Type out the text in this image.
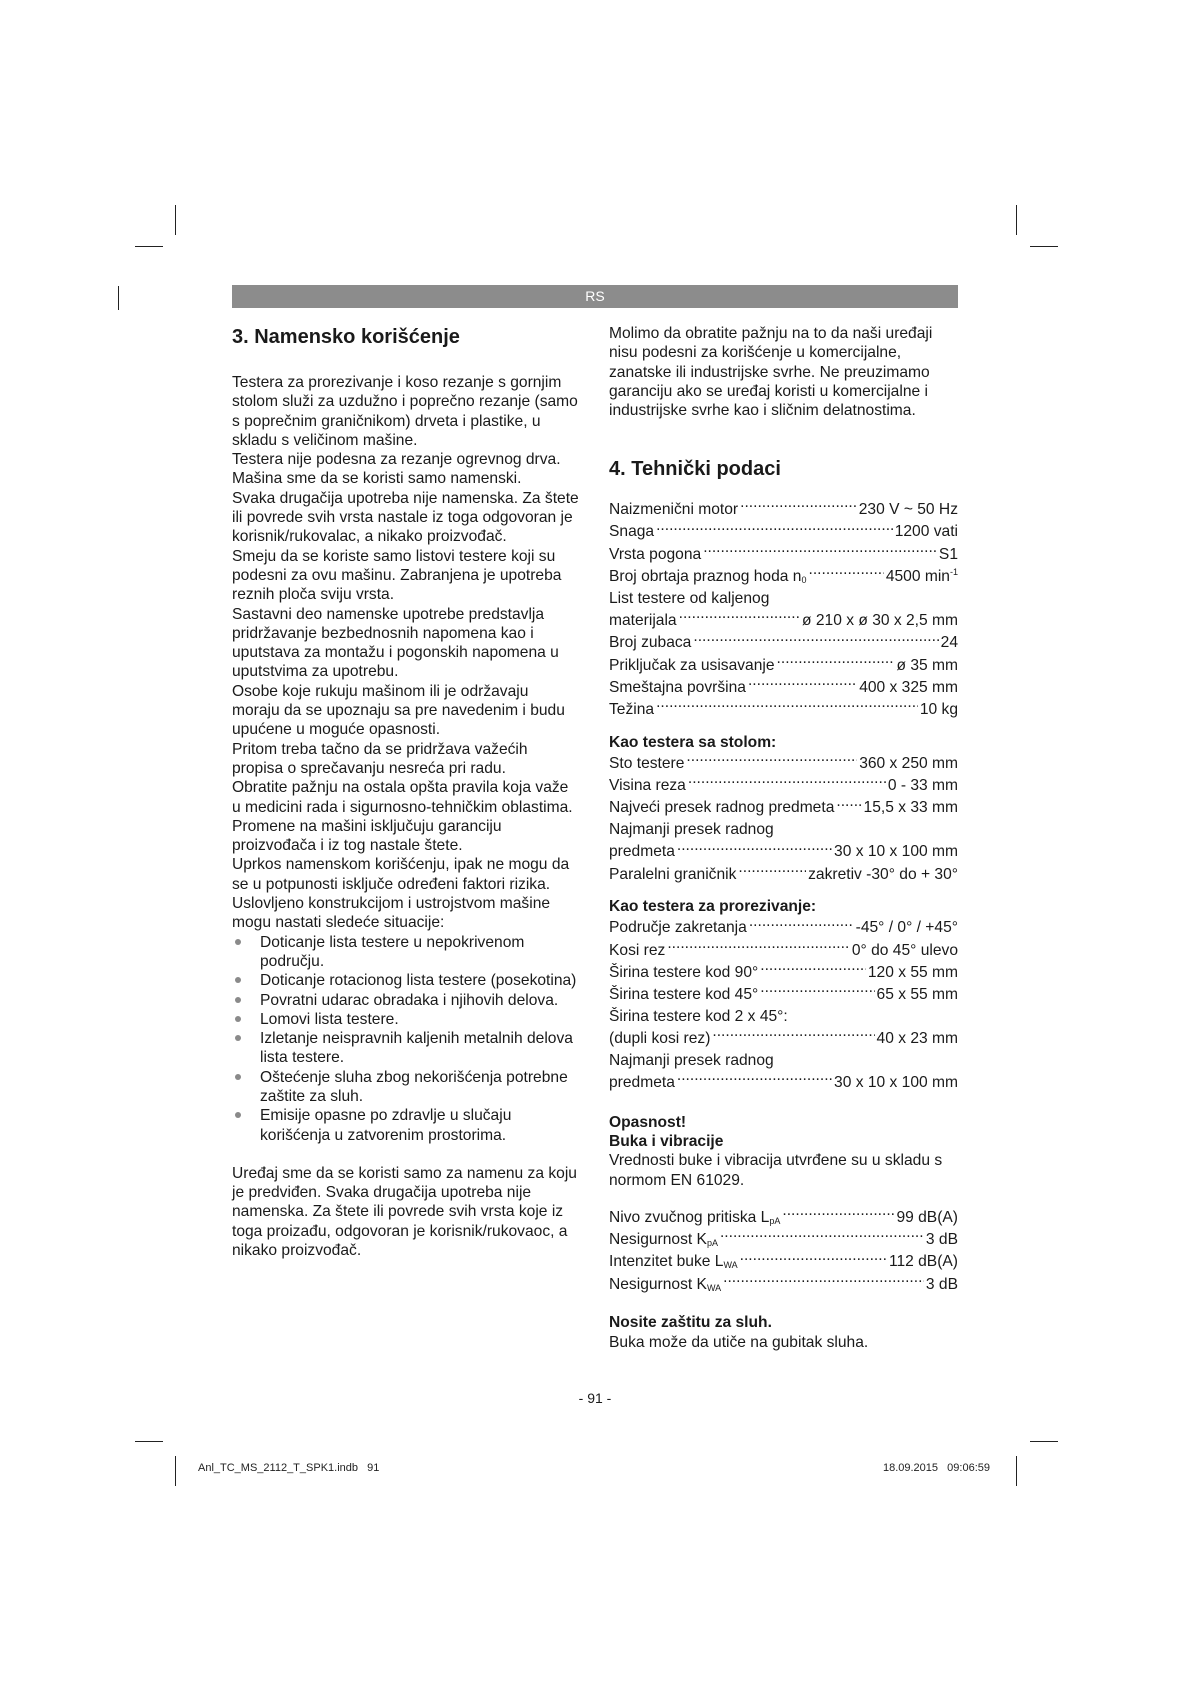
RS
3. Namensko korišćenje

Testera za prorezivanje i koso rezanje s gornjim stolom služi za uzdužno i poprečno rezanje (samo s poprečnim graničnikom) drveta i plastike, u skladu s veličinom mašine.

Testera nije podesna za rezanje ogrevnog drva.

Mašina sme da se koristi samo namenski.

Svaka drugačija upotreba nije namenska. Za štete ili povrede svih vrsta nastale iz toga odgovoran je korisnik/rukovalac, a nikako proizvođač.

Smeju da se koriste samo listovi testere koji su podesni za ovu mašinu. Zabranjena je upotreba reznih ploča sviju vrsta.

Sastavni deo namenske upotrebe predstavlja pridržavanje bezbednosnih napomena kao i uputstava za montažu i pogonskih napomena u uputstvima za upotrebu.

Osobe koje rukuju mašinom ili je održavaju moraju da se upoznaju sa pre navedenim i budu upućene u moguće opasnosti.

Pritom treba tačno da se pridržava važećih propisa o sprečavanju nesreća pri radu.

Obratite pažnju na ostala opšta pravila koja važe u medicini rada i sigurnosno-tehničkim oblastima.

Promene na mašini isključuju garanciju proizvođača i iz tog nastale štete.

Uprkos namenskom korišćenju, ipak ne mogu da se u potpunosti isključe određeni faktori rizika. Uslovljeno konstrukcijom i ustrojstvom mašine mogu nastati sledeće situacije:

Doticanje lista testere u nepokrivenom području.
Doticanje rotacionog lista testere (posekotina)
Povratni udarac obradaka i njihovih delova.
Lomovi lista testere.
Izletanje neispravnih kaljenih metalnih delova lista testere.
Oštećenje sluha zbog nekorišćenja potrebne zaštite za sluh.
Emisije opasne po zdravlje u slučaju korišćenja u zatvorenim prostorima.

Uređaj sme da se koristi samo za namenu za koju je predviđen. Svaka drugačija upotreba nije namenska. Za štete ili povrede svih vrsta koje iz toga proizađu, odgovoran je korisnik/rukovaoc, a nikako proizvođač.

Molimo da obratite pažnju na to da naši uređaji nisu podesni za korišćenje u komercijalne, zanatske ili industrijske svrhe. Ne preuzimamo garanciju ako se uređaj koristi u komercijalne i industrijske svrhe kao i sličnim delatnostima.

4. Tehnički podaci
Naizmenični motor .....	230 V ~ 50 Hz
Snaga .....	1200 vati
Vrsta pogona .....	S1
Broj obrtaja praznog hoda $n_0$ .....	4500 $\min^{-1}$
List testere od kaljenog
materijala .....	ø 210 x ø 30 x 2,5 mm
Broj zubaca .....	24
Priključak za usisavanje .....	ø 35 mm
Smeštajna površina .....	400 x 325 mm
Težina .....	10 kg
Kao testera sa stolom:
Sto testere .....	360 x 250 mm
Visina reza .....	0 - 33 mm
Najveći presek radnog predmeta ..... 15,5 x 33 mm
Najmanji presek radnog
predmeta .....	30 x 10 x 100 mm
Paralelni graničnik .....	zakretiv -30° do + 30°
Kao testera za prorezivanje:
Područje zakretanja .....	-45° / 0° / +45°
Kosi rez .....	0° do 45° ulevo
Širina testere kod 90° .....	120 x 55 mm
Širina testere kod 45° .....	65 x 55 mm
Širina testere kod 2 x 45°:
(dupli kosi rez) .....	40 x 23 mm
Najmanji presek radnog
predmeta .....	30 x 10 x 100 mm
Opasnost!
Buka i vibracije

Vrednosti buke i vibracija utvrđene su u skladu s normom EN 61029.

Nivo zvučnog pritiska $L_{pA}$ .....	99 dB(A)
Nesigurnost $K_{pA}$ .....	3 dB
Intenzitet buke $L_{WA}$ .....	112 dB(A)
Nesigurnost $K_{WA}$ .....	3 dB
Nosite zaštitu za sluh.

Buka može da utiče na gubitak sluha.

- 91 -
Anl_TC_MS_2112_T_SPK1.indb   91	18.09.2015   09:06:59
